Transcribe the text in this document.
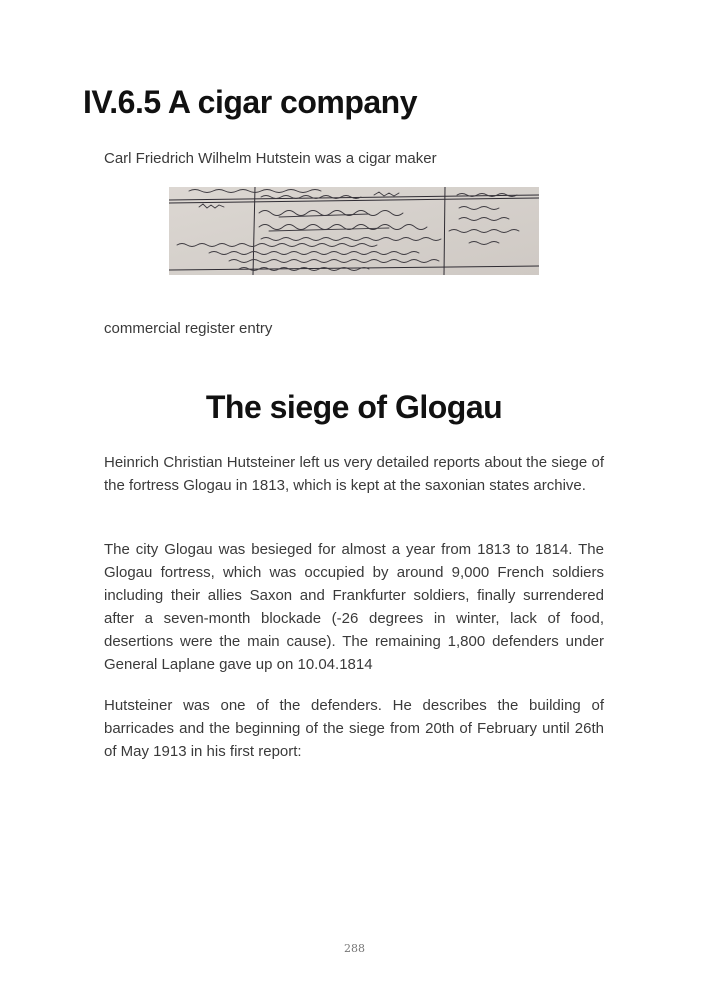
IV.6.5 A cigar company

Carl Friedrich Wilhelm Hutstein was a cigar maker

commercial register entry

Heinrich Christian Hutsteiner left us very detailed reports about the siege of the fortress Glogau in 1813, which is kept at the saxonian states archive.

The city Glogau was besieged for almost a year from 1813 to 1814. The Glogau fortress, which was occupied by around 9,000 French soldiers including their allies Saxon and Frankfurter soldiers, finally surrendered after a seven-month blockade (-26 degrees in winter, lack of food, desertions were the main cause). The remaining 1,800 defenders under General Laplane gave up on 10.04.1814

Hutsteiner was one of the defenders. He describes the building of barricades and the beginning of the siege from 20th of February until 26th of May 1913 in his first report:

The siege of Glogau
288
